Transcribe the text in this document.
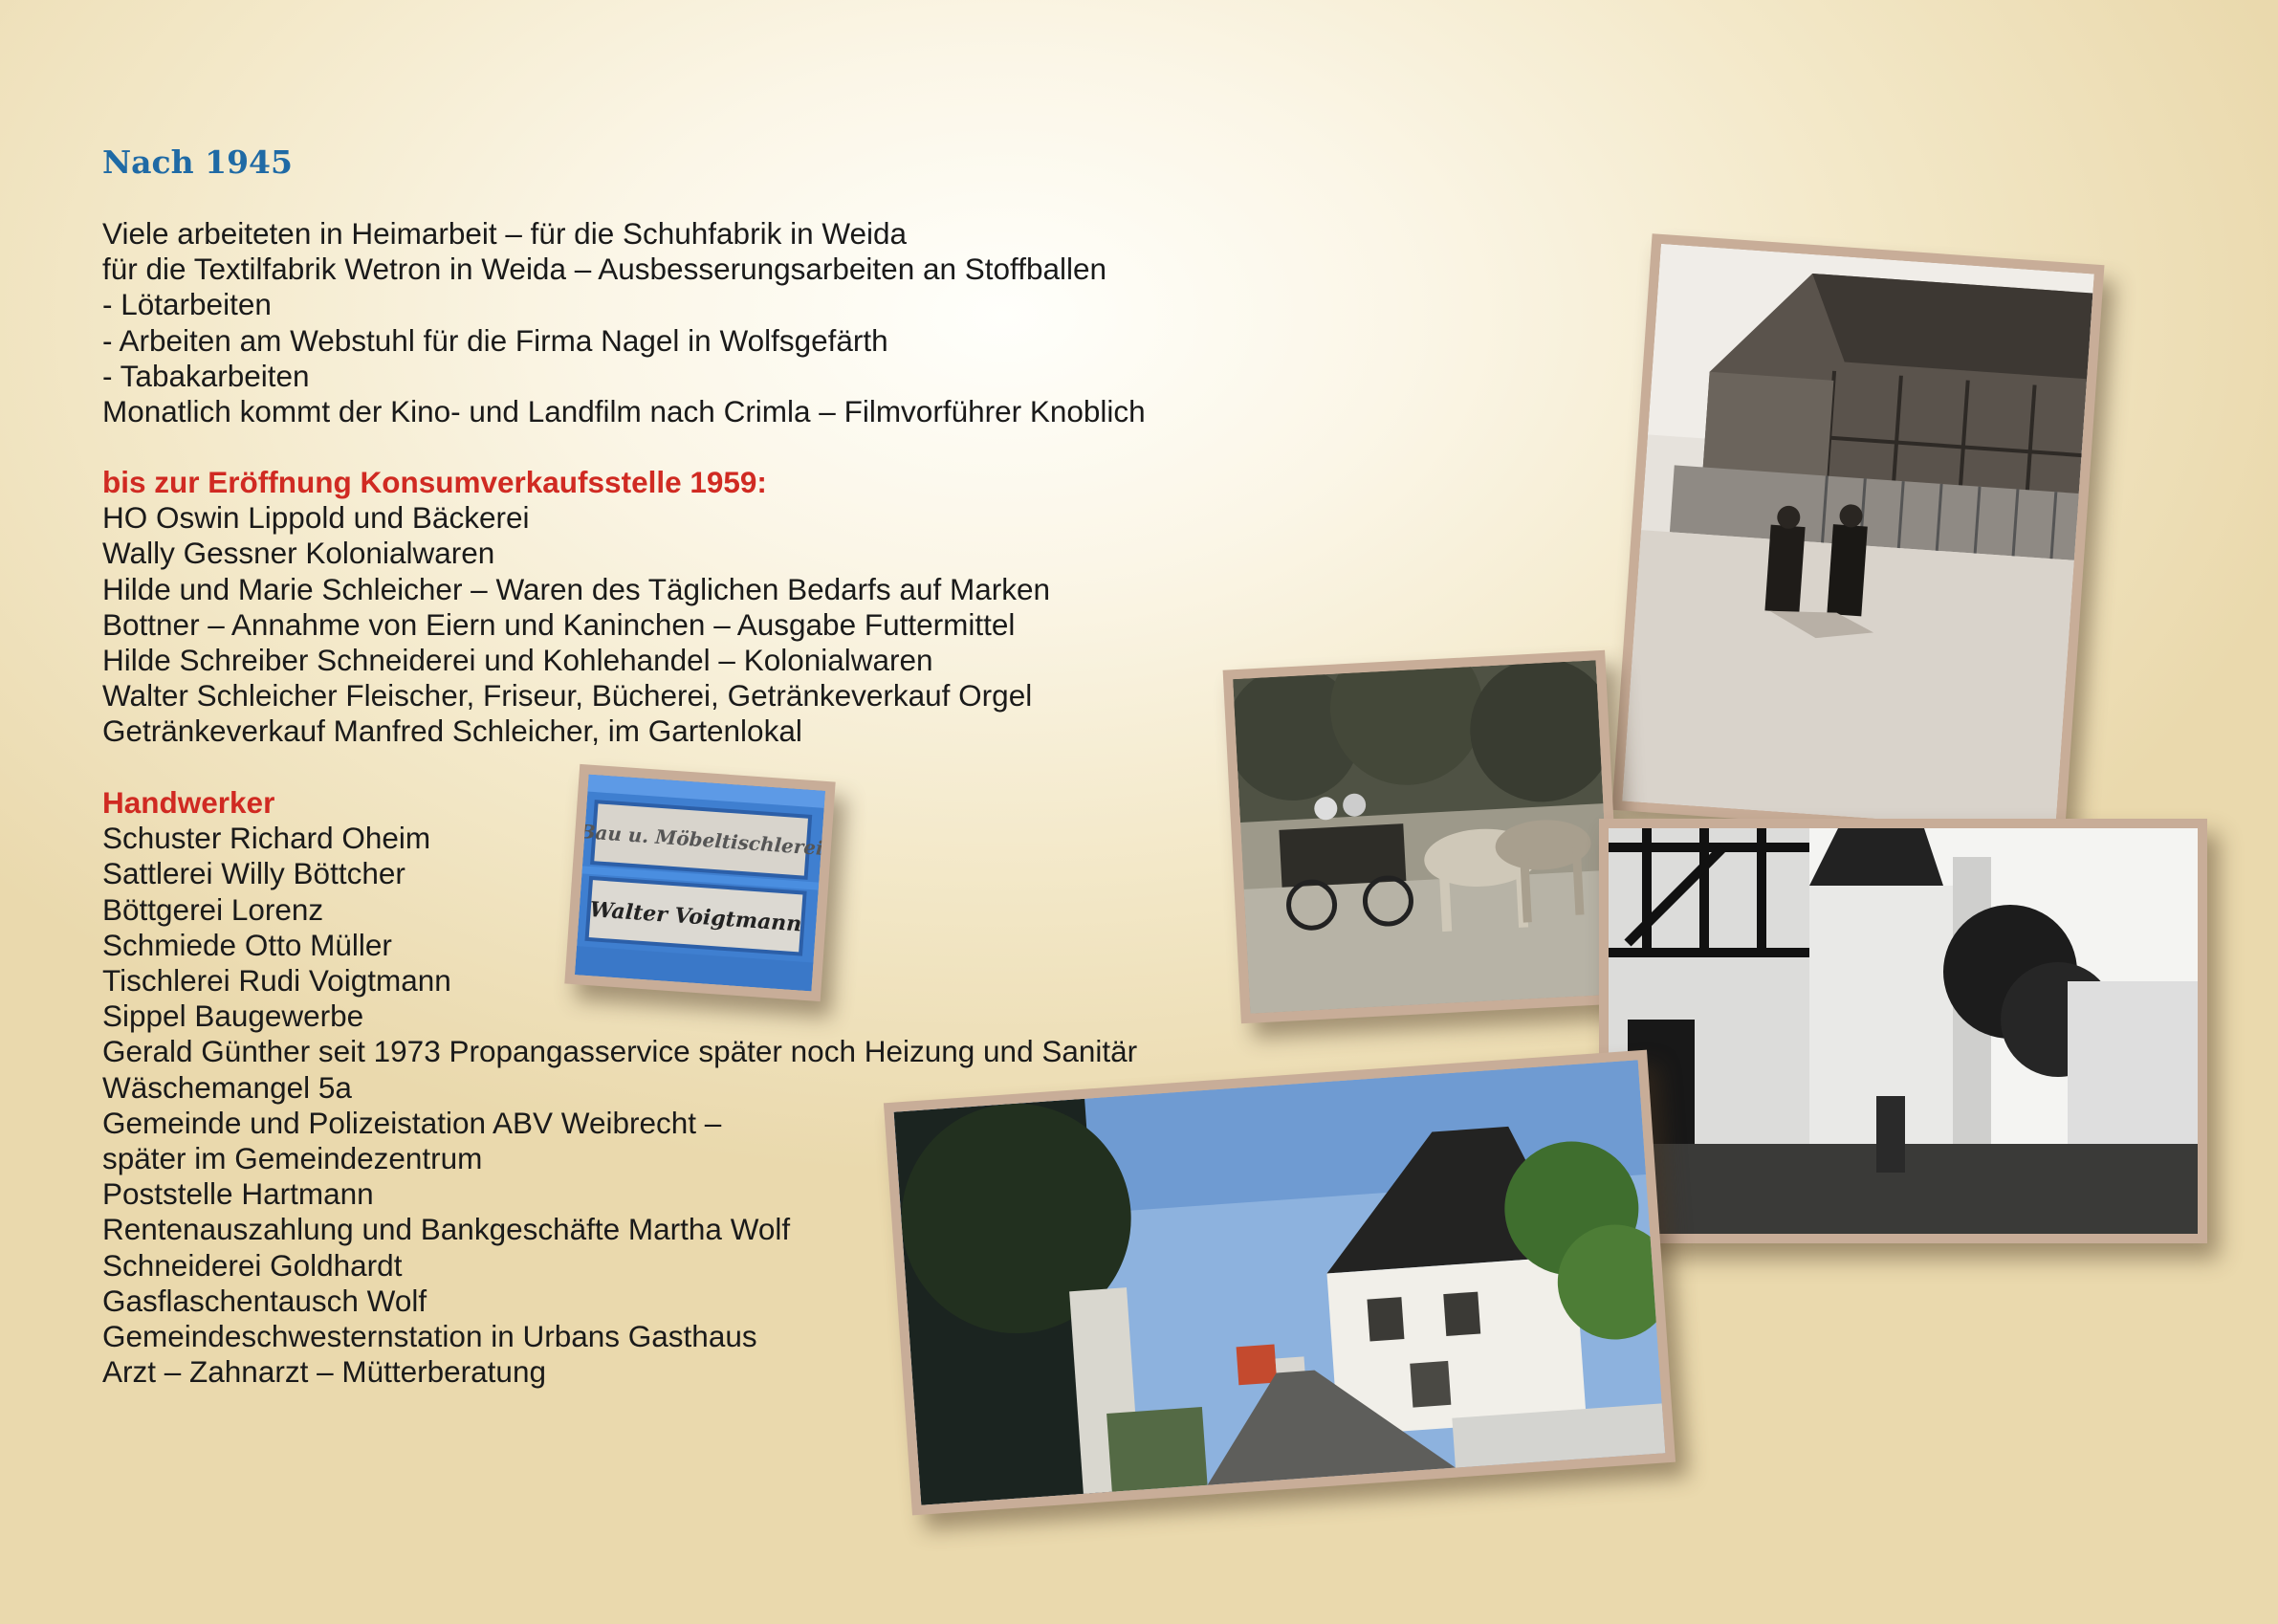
Nach 1945
Viele arbeiteten in Heimarbeit – für die Schuhfabrik in Weida
für die Textilfabrik Wetron in Weida – Ausbesserungsarbeiten an Stoffballen
- Lötarbeiten
- Arbeiten am Webstuhl für die Firma Nagel in Wolfsgefärth
- Tabakarbeiten
Monatlich kommt der Kino- und Landfilm nach Crimla – Filmvorführer Knoblich
bis zur Eröffnung Konsumverkaufsstelle 1959:
HO Oswin Lippold und Bäckerei
Wally Gessner Kolonialwaren
Hilde und Marie Schleicher – Waren des Täglichen Bedarfs auf Marken
Bottner – Annahme von Eiern und Kaninchen – Ausgabe Futtermittel
Hilde Schreiber Schneiderei und Kohlehandel – Kolonialwaren
Walter Schleicher Fleischer, Friseur, Bücherei, Getränkeverkauf Orgel
Getränkeverkauf Manfred Schleicher, im Gartenlokal
Handwerker
Schuster Richard Oheim
Sattlerei Willy Böttcher
Böttgerei Lorenz
Schmiede Otto Müller
Tischlerei Rudi Voigtmann
Sippel Baugewerbe
Gerald Günther seit 1973 Propangasservice später noch Heizung und Sanitär
Wäschemangel 5a
Gemeinde und Polizeistation ABV Weibrecht –
später im Gemeindezentrum
Poststelle Hartmann
Rentenauszahlung und Bankgeschäfte Martha Wolf
Schneiderei Goldhardt
Gasflaschentausch Wolf
Gemeindeschwesternstation in Urbans Gasthaus
Arzt – Zahnarzt – Mütterberatung
Bau u. Möbeltischlerei
Walter Voigtmann
